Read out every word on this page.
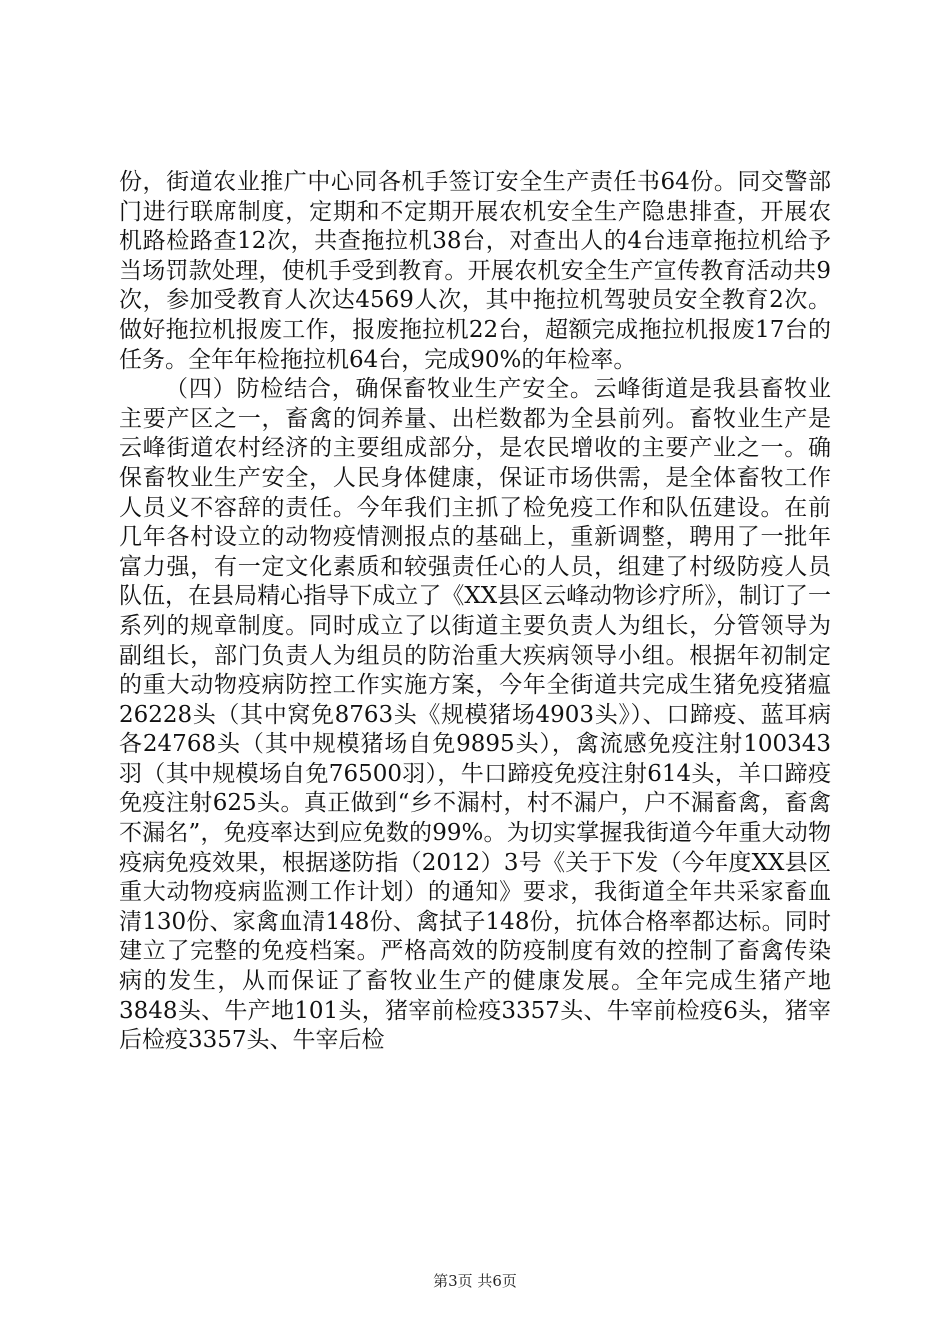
份，街道农业推广中心同各机手签订安全生产责任书64份。同交警部门进行联席制度，定期和不定期开展农机安全生产隐患排查，开展农机路检路查12次，共查拖拉机38台，对查出人的4台违章拖拉机给予当场罚款处理，使机手受到教育。开展农机安全生产宣传教育活动共9次，参加受教育人次达4569人次，其中拖拉机驾驶员安全教育2次。做好拖拉机报废工作，报废拖拉机22台，超额完成拖拉机报废17台的任务。全年年检拖拉机64台，完成90%的年检率。

（四）防检结合，确保畜牧业生产安全。云峰街道是我县畜牧业主要产区之一，畜禽的饲养量、出栏数都为全县前列。畜牧业生产是云峰街道农村经济的主要组成部分，是农民增收的主要产业之一。确保畜牧业生产安全，人民身体健康，保证市场供需，是全体畜牧工作人员义不容辞的责任。今年我们主抓了检免疫工作和队伍建设。在前几年各村设立的动物疫情测报点的基础上，重新调整，聘用了一批年富力强，有一定文化素质和较强责任心的人员，组建了村级防疫人员队伍，在县局精心指导下成立了《XX县区云峰动物诊疗所》，制订了一系列的规章制度。同时成立了以街道主要负责人为组长，分管领导为副组长，部门负责人为组员的防治重大疾病领导小组。根据年初制定的重大动物疫病防控工作实施方案，今年全街道共完成生猪免疫猪瘟26228头（其中窝免8763头《规模猪场4903头》）、口蹄疫、蓝耳病各24768头（其中规模猪场自免9895头），禽流感免疫注射100343羽（其中规模场自免76500羽），牛口蹄疫免疫注射614头，羊口蹄疫免疫注射625头。真正做到“乡不漏村，村不漏户，户不漏畜禽，畜禽不漏名”，免疫率达到应免数的99%。为切实掌握我街道今年重大动物疫病免疫效果，根据遂防指（2012）3号《关于下发（今年度XX县区重大动物疫病监测工作计划）的通知》要求，我街道全年共采家畜血清130份、家禽血清148份、禽拭子148份，抗体合格率都达标。同时建立了完整的免疫档案。严格高效的防疫制度有效的控制了畜禽传染病的发生，从而保证了畜牧业生产的健康发展。全年完成生猪产地3848头、牛产地101头，猪宰前检疫3357头、牛宰前检疫6头，猪宰后检疫3357头、牛宰后检

第3页 共6页
